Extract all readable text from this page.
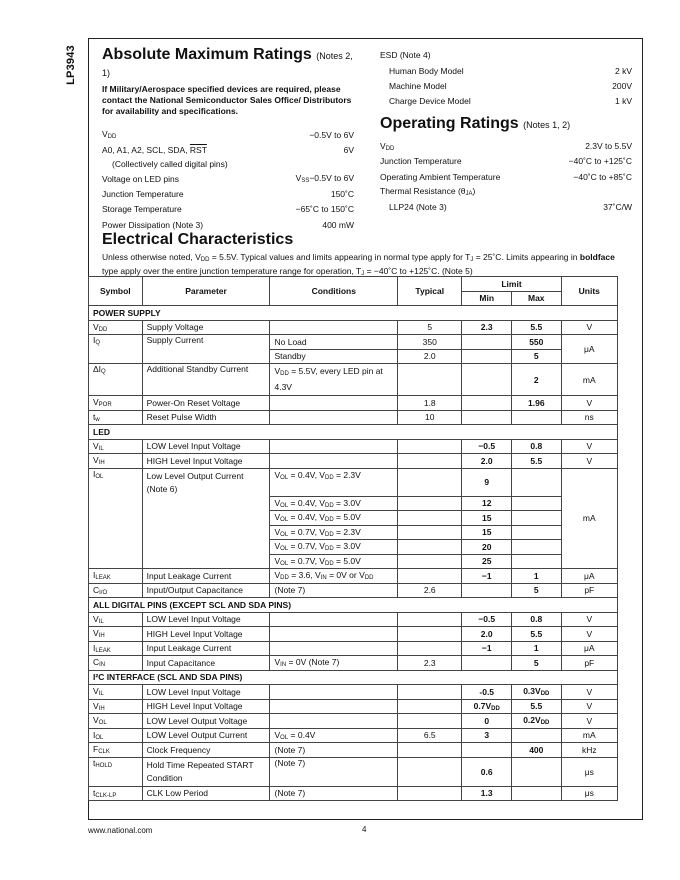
LP3943 Absolute Maximum Ratings (Notes 2,
1)
If Military/Aerospace specified devices are required, please contact the National Semiconductor Sales Office/ Distributors for availability and specifications.
$V_{DD}$	−0.5V to 6V
A0, A1, A2, SCL, SDA, $\overline{RST}$	6V
(Collectively called digital pins)
Voltage on LED pins	$V_{SS}-0.5V$ to 6V
Junction Temperature	150˚C
Storage Temperature	−65˚C to 150˚C
Power Dissipation (Note 3)	400 mW
ESD (Note 4)
Human Body Model	2 kV
Machine Model	200V
Charge Device Model	1 kV
Operating Ratings (Notes 1, 2)
$V_{DD}$	2.3V to 5.5V
Junction Temperature	−40˚C to +125˚C
Operating Ambient Temperature	−40˚C to +85˚C
Thermal Resistance $(\theta_{JA})$
LLP24 (Note 3)	37˚C/W
Electrical Characteristics
Unless otherwise noted, $V_{DD} = 5.5V$. Typical values and limits appearing in normal type apply for $T_J$ = 25˚C. Limits appearing in boldface type apply over the entire junction temperature range for operation, $T_J$ = −40˚C to +125˚C. (Note 5)
Symbol	Parameter	Conditions	Typical	Limit		Units
				Min	Max	
POWER SUPPLY						
$V_{DD}$	Supply Voltage		5	2.3	5.5	V
$I_Q$	Supply Current	No Load	350		550	μA
		Standby	2.0		5	
$\Delta I_Q$	Additional Standby Current	$V_{DD} = 5.5V$, every LED pin at 4.3V			2	mA
$V_{POR}$	Power-On Reset Voltage		1.8		1.96	V
$t_w$	Reset Pulse Width		10			ns
LED						
$V_{IL}$	LOW Level Input Voltage			−0.5	0.8	V
$V_{IH}$	HIGH Level Input Voltage			2.0	5.5	V
$I_{OL}$	Low Level Output Current (Note 6)	$V_{OL} = 0.4V$, $V_{DD} = 2.3V$		9		mA
		$V_{OL} = 0.4V$, $V_{DD} = 3.0V$		12		
		$V_{OL} = 0.4V$, $V_{DD} = 5.0V$		15		
		$V_{OL} = 0.7V$, $V_{DD} = 2.3V$		15		
		$V_{OL} = 0.7V$, $V_{DD} = 3.0V$		20		
		$V_{OL} = 0.7V$, $V_{DD} = 5.0V$		25		
$I_{LEAK}$	Input Leakage Current	$V_{DD} = 3.6$, $V_{IN} = 0V$ or $V_{DD}$		−1	1	μA
$C_{I/O}$	Input/Output Capacitance	(Note 7)	2.6		5	pF
ALL DIGITAL PINS (EXCEPT SCL AND SDA PINS)						
$V_{IL}$	LOW Level Input Voltage			−0.5	0.8	V
$V_{IH}$	HIGH Level Input Voltage			2.0	5.5	V
$I_{LEAK}$	Input Leakage Current			−1	1	μA
$C_{IN}$	Input Capacitance	$V_{IN} = 0V$ (Note 7)	2.3		5	pF
I²C INTERFACE (SCL AND SDA PINS)						
$V_{IL}$	LOW Level Input Voltage			-0.5	$0.3V_{DD}$	V
$V_{IH}$	HIGH Level Input Voltage			$0.7V_{DD}$	5.5	V
$V_{OL}$	LOW Level Output Voltage			0	$0.2V_{DD}$	V
$I_{OL}$	LOW Level Output Current	$V_{OL} = 0.4V$	6.5	3		mA
$F_{CLK}$	Clock Frequency	(Note 7)			400	kHz
$t_{HOLD}$	Hold Time Repeated START Condition	(Note 7)		0.6		μs
$t_{CLK-LP}$	CLK Low Period	(Note 7)		1.3		μs
www.national.com	4
